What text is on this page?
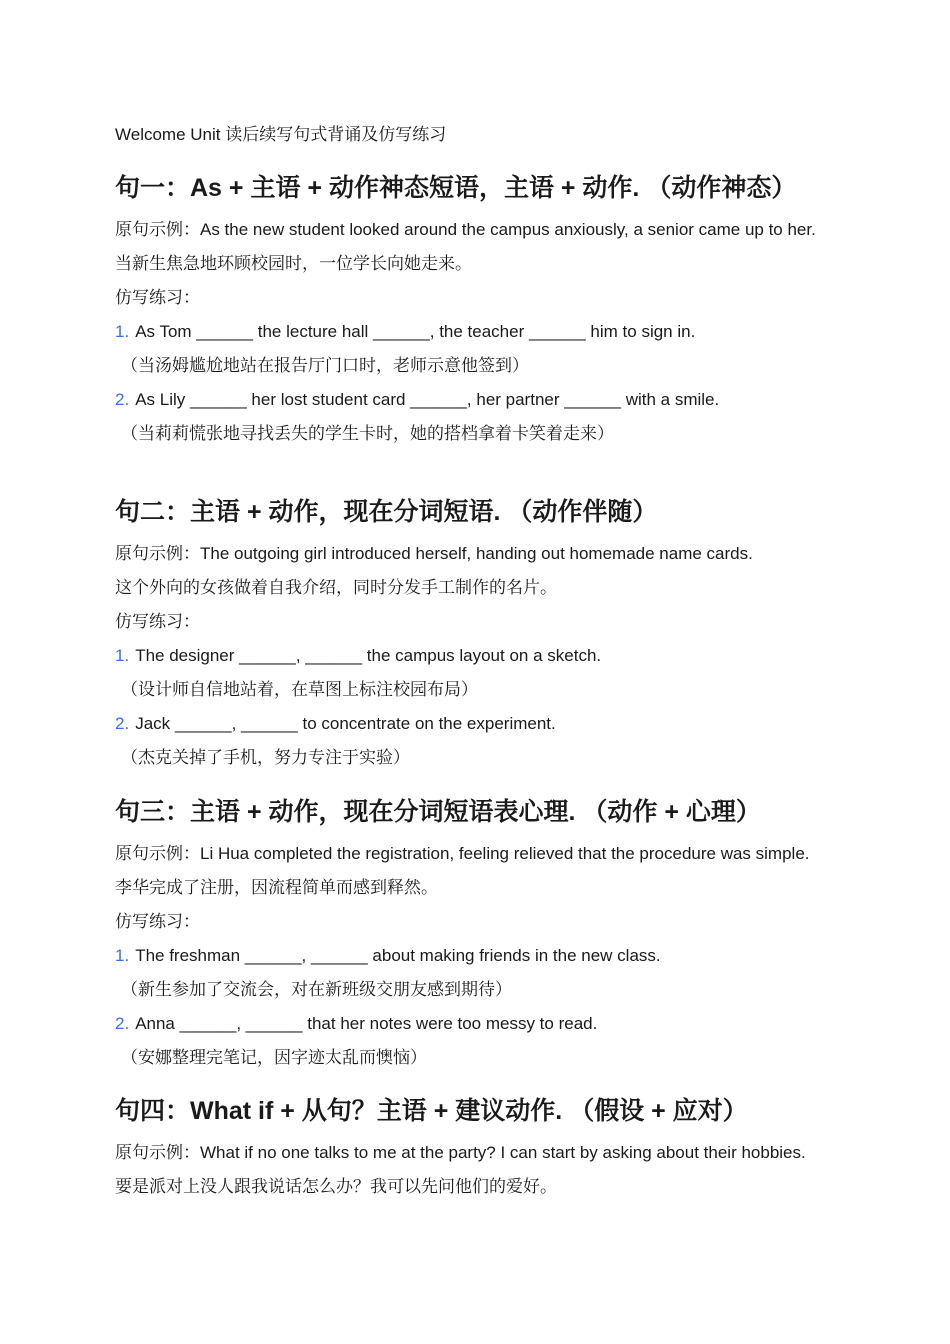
Welcome Unit 读后续写句式背诵及仿写练习
句一：As + 主语 + 动作神态短语，主语 + 动作. （动作神态）
原句示例：As the new student looked around the campus anxiously, a senior came up to her.
当新生焦急地环顾校园时，一位学长向她走来。
仿写练习：
1. As Tom ______ the lecture hall ______, the teacher ______ him to sign in.
（当汤姆尴尬地站在报告厅门口时，老师示意他签到）
2. As Lily ______ her lost student card ______, her partner ______ with a smile.
（当莉莉慌张地寻找丢失的学生卡时，她的搭档拿着卡笑着走来）
句二：主语 + 动作，现在分词短语. （动作伴随）
原句示例：The outgoing girl introduced herself, handing out homemade name cards.
这个外向的女孩做着自我介绍，同时分发手工制作的名片。
仿写练习：
1. The designer ______, ______ the campus layout on a sketch.
（设计师自信地站着，在草图上标注校园布局）
2. Jack ______, ______ to concentrate on the experiment.
（杰克关掉了手机，努力专注于实验）
句三：主语 + 动作，现在分词短语表心理. （动作 + 心理）
原句示例：Li Hua completed the registration, feeling relieved that the procedure was simple.
李华完成了注册，因流程简单而感到释然。
仿写练习：
1. The freshman ______, ______ about making friends in the new class.
（新生参加了交流会，对在新班级交朋友感到期待）
2. Anna ______, ______ that her notes were too messy to read.
（安娜整理完笔记，因字迹太乱而懊恼）
句四：What if + 从句？主语 + 建议动作. （假设 + 应对）
原句示例：What if no one talks to me at the party? I can start by asking about their hobbies.
要是派对上没人跟我说话怎么办？我可以先问他们的爱好。
